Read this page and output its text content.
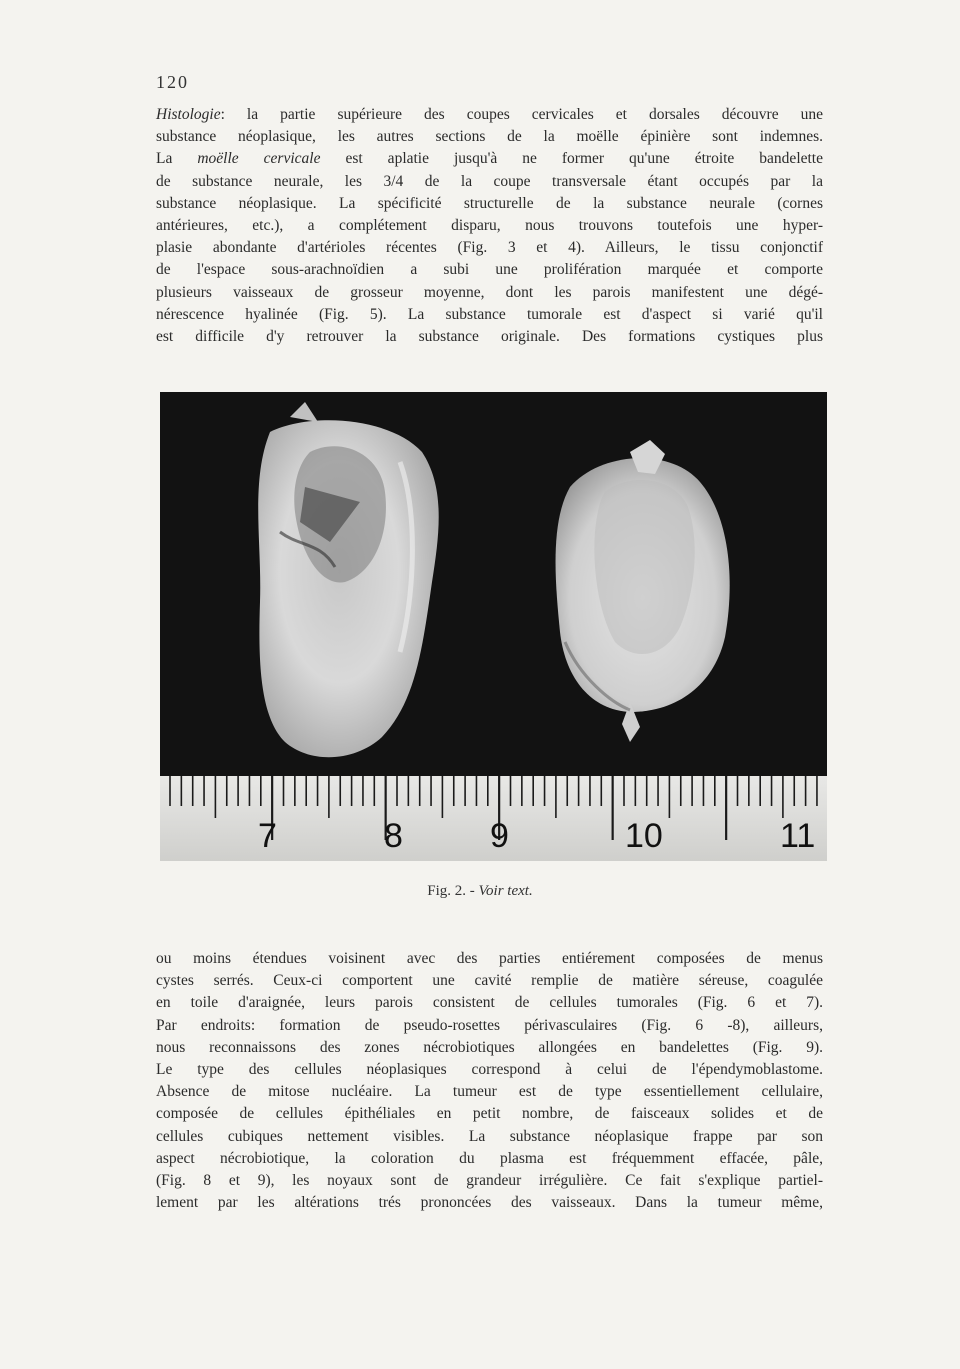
120
Histologie: la partie supérieure des coupes cervicales et dorsales découvre une
substance néoplasique, les autres sections de la moëlle épinière sont indemnes.
La moëlle cervicale est aplatie jusqu'à ne former qu'une étroite bandelette
de substance neurale, les 3/4 de la coupe transversale étant occupés par la
substance néoplasique. La spécificité structurelle de la substance neurale (cornes
antérieures, etc.), a complétement disparu, nous trouvons toutefois une hyper-
plasie abondante d'artérioles récentes (Fig. 3 et 4). Ailleurs, le tissu conjonctif
de l'espace sous-arachnoïdien a subi une prolifération marquée et comporte
plusieurs vaisseaux de grosseur moyenne, dont les parois manifestent une dégé-
nérescence hyalinée (Fig. 5). La substance tumorale est d'aspect si varié qu'il
est difficile d'y retrouver la substance originale. Des formations cystiques plus
7	8	9	10	11
Fig. 2. - Voir text.
ou moins étendues voisinent avec des parties entiérement composées de menus
cystes serrés. Ceux-ci comportent une cavité remplie de matière séreuse, coagulée
en toile d'araignée, leurs parois consistent de cellules tumorales (Fig. 6 et 7).
Par endroits: formation de pseudo-rosettes périvasculaires (Fig. 6 -8), ailleurs,
nous reconnaissons des zones nécrobiotiques allongées en bandelettes (Fig. 9).
Le type des cellules néoplasiques correspond à celui de l'épendymoblastome.
Absence de mitose nucléaire. La tumeur est de type essentiellement cellulaire,
composée de cellules épithéliales en petit nombre, de faisceaux solides et de
cellules cubiques nettement visibles. La substance néoplasique frappe par son
aspect nécrobiotique, la coloration du plasma est fréquemment effacée, pâle,
(Fig. 8 et 9), les noyaux sont de grandeur irrégulière. Ce fait s'explique partiel-
lement par les altérations trés prononcées des vaisseaux. Dans la tumeur même,
